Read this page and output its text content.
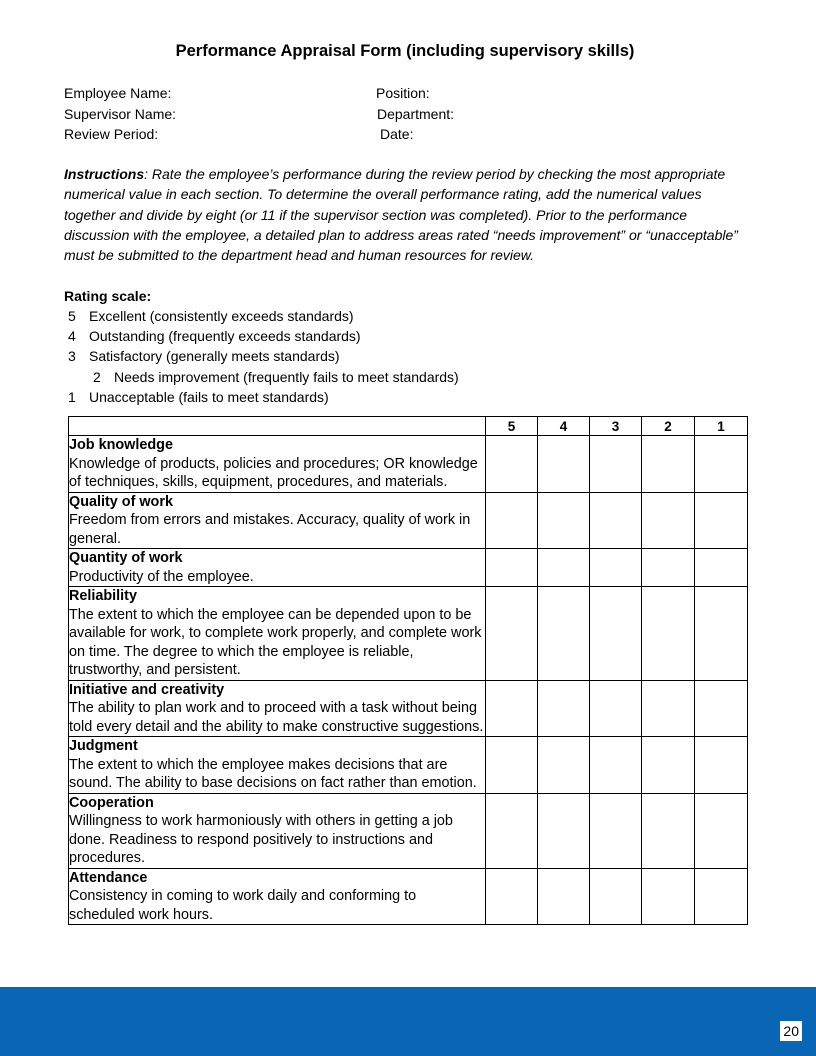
Performance Appraisal Form (including supervisory skills)
Employee Name:	Position:
Supervisor Name:	Department:
Review Period:	Date:
Instructions: Rate the employee’s performance during the review period by checking the most appropriate numerical value in each section. To determine the overall performance rating, add the numerical values together and divide by eight (or 11 if the supervisor section was completed). Prior to the performance discussion with the employee, a detailed plan to address areas rated “needs improvement” or “unacceptable” must be submitted to the department head and human resources for review.
Rating scale:
5 Excellent (consistently exceeds standards)
4 Outstanding (frequently exceeds standards)
3 Satisfactory (generally meets standards)
2 Needs improvement (frequently fails to meet standards)
1 Unacceptable (fails to meet standards)
	5	4	3	2	1

Job knowledge
Knowledge of products, policies and procedures; OR knowledge of techniques, skills, equipment, procedures, and materials.					

Quality of work
Freedom from errors and mistakes. Accuracy, quality of work in general.					

Quantity of work
Productivity of the employee.					

Reliability
The extent to which the employee can be depended upon to be available for work, to complete work properly, and complete work on time. The degree to which the employee is reliable, trustworthy, and persistent.					

Initiative and creativity
The ability to plan work and to proceed with a task without being told every detail and the ability to make constructive suggestions.					

Judgment
The extent to which the employee makes decisions that are sound. The ability to base decisions on fact rather than emotion.					

Cooperation
Willingness to work harmoniously with others in getting a job done. Readiness to respond positively to instructions and procedures.					

Attendance
Consistency in coming to work daily and conforming to scheduled work hours.					

20
